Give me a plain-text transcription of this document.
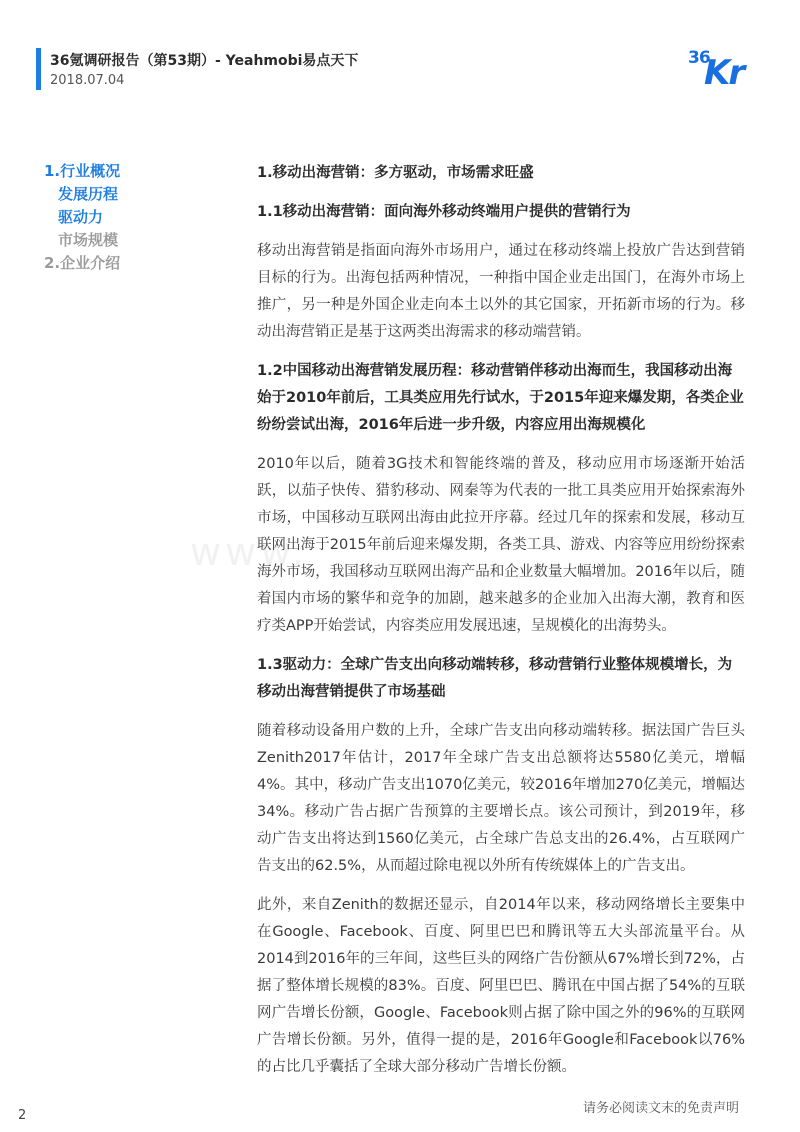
36氪调研报告（第53期）- Yeahmobi易点天下
2018.07.04
36
Kr
1.行业概况
发展历程
驱动力
市场规模
2.企业介绍
www.
1.移动出海营销：多方驱动，市场需求旺盛
1.1移动出海营销：面向海外移动终端用户提供的营销行为
移动出海营销是指面向海外市场用户，通过在移动终端上投放广告达到营销目标的行为。出海包括两种情况，一种指中国企业走出国门，在海外市场上推广，另一种是外国企业走向本土以外的其它国家，开拓新市场的行为。移动出海营销正是基于这两类出海需求的移动端营销。
1.2中国移动出海营销发展历程：移动营销伴移动出海而生，我国移动出海始于2010年前后，工具类应用先行试水，于2015年迎来爆发期，各类企业纷纷尝试出海，2016年后进一步升级，内容应用出海规模化
2010年以后，随着3G技术和智能终端的普及，移动应用市场逐渐开始活跃，以茄子快传、猎豹移动、网秦等为代表的一批工具类应用开始探索海外市场，中国移动互联网出海由此拉开序幕。经过几年的探索和发展，移动互联网出海于2015年前后迎来爆发期，各类工具、游戏、内容等应用纷纷探索海外市场，我国移动互联网出海产品和企业数量大幅增加。2016年以后，随着国内市场的繁华和竞争的加剧，越来越多的企业加入出海大潮，教育和医疗类APP开始尝试，内容类应用发展迅速，呈规模化的出海势头。
1.3驱动力：全球广告支出向移动端转移，移动营销行业整体规模增长，为移动出海营销提供了市场基础
随着移动设备用户数的上升，全球广告支出向移动端转移。据法国广告巨头Zenith2017年估计，2017年全球广告支出总额将达5580亿美元，增幅4%。其中，移动广告支出1070亿美元，较2016年增加270亿美元，增幅达34%。移动广告占据广告预算的主要增长点。该公司预计，到2019年，移动广告支出将达到1560亿美元，占全球广告总支出的26.4%，占互联网广告支出的62.5%，从而超过除电视以外所有传统媒体上的广告支出。
此外，来自Zenith的数据还显示，自2014年以来，移动网络增长主要集中在Google、Facebook、百度、阿里巴巴和腾讯等五大头部流量平台。从2014到2016年的三年间，这些巨头的网络广告份额从67%增长到72%，占据了整体增长规模的83%。百度、阿里巴巴、腾讯在中国占据了54%的互联网广告增长份额，Google、Facebook则占据了除中国之外的96%的互联网广告增长份额。另外，值得一提的是，2016年Google和Facebook以76%的占比几乎囊括了全球大部分移动广告增长份额。
2	请务必阅读文末的免责声明
